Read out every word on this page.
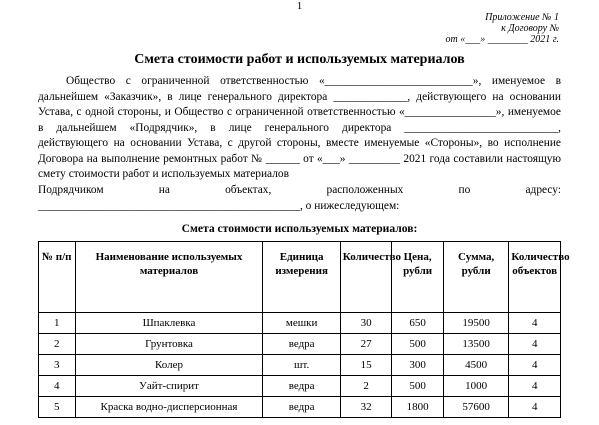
1
Приложение № 1
к Договору №
от «___» ________ 2021 г.
Смета стоимости работ и используемых материалов
Общество с ограниченной ответственностью «__________________________», именуемое в дальнейшем «Заказчик», в лице генерального директора _____________, действующего на основании Устава, с одной стороны, и Общество с ограниченной ответственностью «________________», именуемое в дальнейшем «Подрядчик», в лице генерального директора ___________________________, действующего на основании Устава, с другой стороны, вместе именуемые «Стороны», во исполнение Договора на выполнение ремонтных работ № ______ от «___» _________ 2021 года составили настоящую смету стоимости работ и используемых материалов
Подрядчиком на объектах, расположенных по адресу:
______________________________________________, о нижеследующем:
Смета стоимости используемых материалов:
№ п/п	Наименование используемых материалов	Единица измерения	Количество	Цена, рубли	Сумма, рубли	Количество объектов
1	Шпаклевка	мешки	30	650	19500	4
2	Грунтовка	ведра	27	500	13500	4
3	Колер	шт.	15	300	4500	4
4	Уайт-спирит	ведра	2	500	1000	4
5	Краска водно-дисперсионная	ведра	32	1800	57600	4
